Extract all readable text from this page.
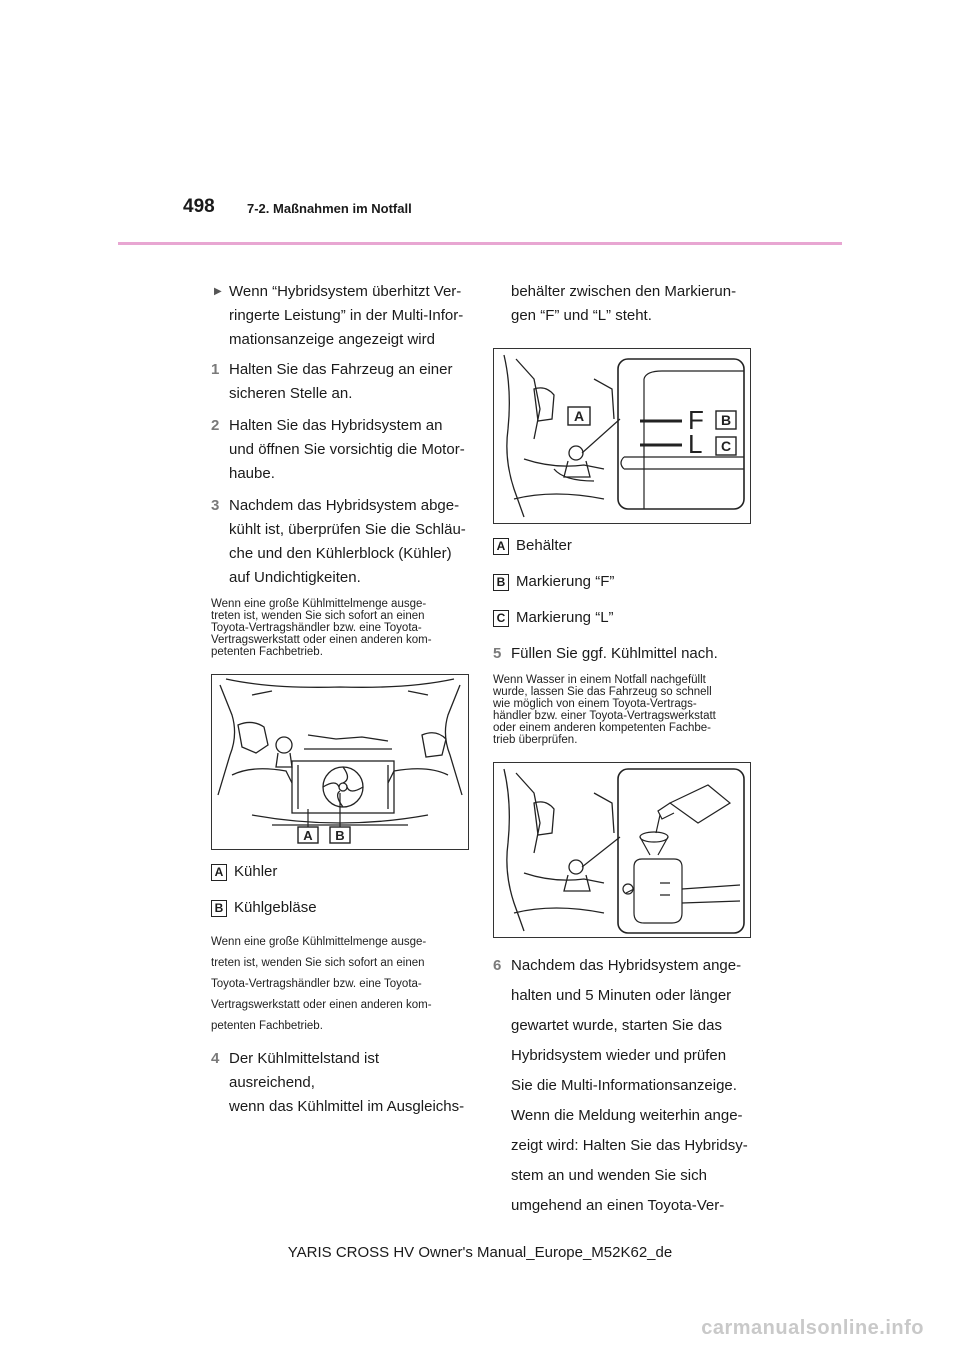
498 7-2. Maßnahmen im Notfall
▶ Wenn “Hybridsystem überhitzt Ver-

ringerte Leistung” in der Multi-Infor-

mationsanzeige angezeigt wird

1 Halten Sie das Fahrzeug an einer
sicheren Stelle an.
2 Halten Sie das Hybridsystem an
und öffnen Sie vorsichtig die Motor-
haube.
3 Nachdem das Hybridsystem abge-
kühlt ist, überprüfen Sie die Schläu-
che und den Kühlerblock (Kühler)
auf Undichtigkeiten.
Wenn eine große Kühlmittelmenge ausge-
treten ist, wenden Sie sich sofort an einen
Toyota-Vertragshändler bzw. eine Toyota-
Vertragswerkstatt oder einen anderen kom-
petenten Fachbetrieb.
A B
A Kühler
B Kühlgebläse
Wenn eine große Kühlmittelmenge ausge-
treten ist, wenden Sie sich sofort an einen
Toyota-Vertragshändler bzw. eine Toyota-
Vertragswerkstatt oder einen anderen kom-
petenten Fachbetrieb.
4 Der Kühlmittelstand ist ausreichend,
wenn das Kühlmittel im Ausgleichs-
behälter zwischen den Markierun-
gen “F” und “L” steht.
F
L
A	B
C
A Behälter
B Markierung “F”
C Markierung “L”
5 Füllen Sie ggf. Kühlmittel nach.
Wenn Wasser in einem Notfall nachgefüllt
wurde, lassen Sie das Fahrzeug so schnell
wie möglich von einem Toyota-Vertrags-
händler bzw. einer Toyota-Vertragswerkstatt
oder einem anderen kompetenten Fachbe-
trieb überprüfen.
6 Nachdem das Hybridsystem ange-
halten und 5 Minuten oder länger
gewartet wurde, starten Sie das
Hybridsystem wieder und prüfen
Sie die Multi-Informationsanzeige.
Wenn die Meldung weiterhin ange-
zeigt wird: Halten Sie das Hybridsy-
stem an und wenden Sie sich
umgehend an einen Toyota-Ver-
YARIS CROSS HV Owner's Manual_Europe_M52K62_de
carmanualsonline.info
